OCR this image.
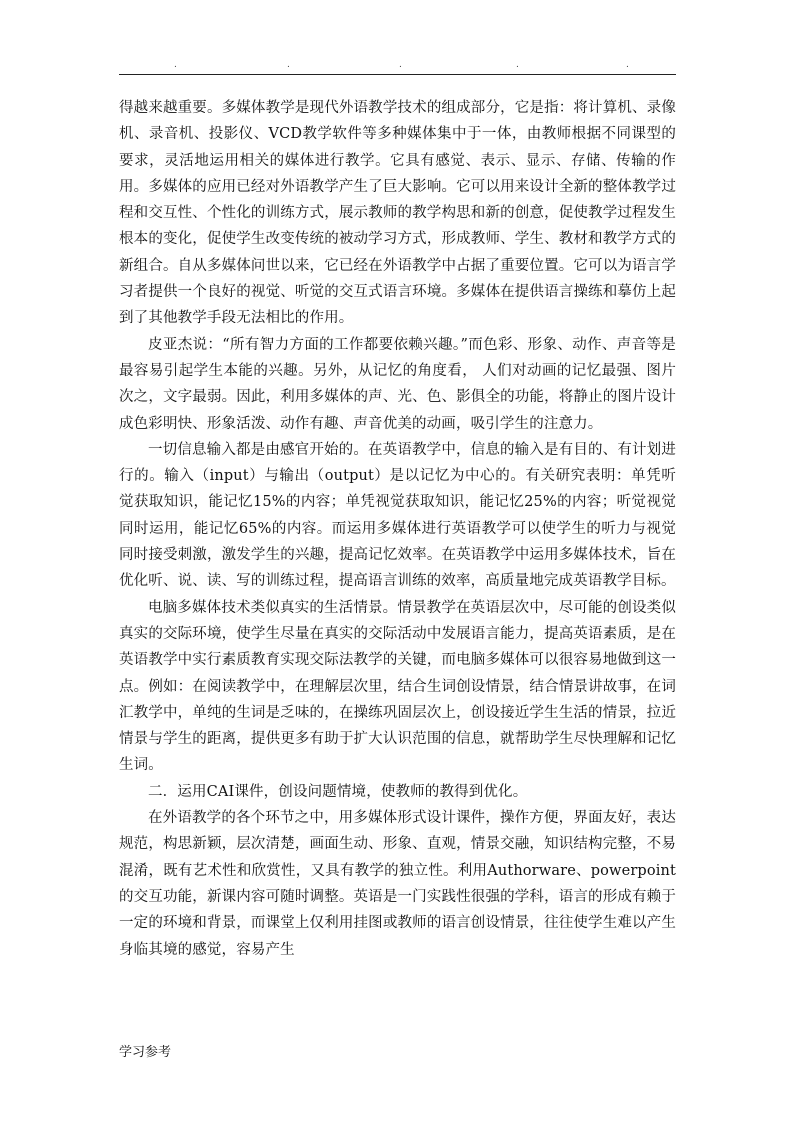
.	.	.	.	.

得越来越重要。多媒体教学是现代外语教学技术的组成部分，它是指：将计算机、录像机、录音机、投影仪、VCD教学软件等多种媒体集中于一体，由教师根据不同课型的要求，灵活地运用相关的媒体进行教学。它具有感觉、表示、显示、存储、传输的作用。多媒体的应用已经对外语教学产生了巨大影响。它可以用来设计全新的整体教学过程和交互性、个性化的训练方式，展示教师的教学构思和新的创意，促使教学过程发生根本的变化，促使学生改变传统的被动学习方式，形成教师、学生、教材和教学方式的新组合。自从多媒体问世以来，它已经在外语教学中占据了重要位置。它可以为语言学习者提供一个良好的视觉、听觉的交互式语言环境。多媒体在提供语言操练和摹仿上起到了其他教学手段无法相比的作用。

皮亚杰说：“所有智力方面的工作都要依赖兴趣。”而色彩、形象、动作、声音等是最容易引起学生本能的兴趣。另外，从记忆的角度看， 人们对动画的记忆最强、图片次之，文字最弱。因此，利用多媒体的声、光、色、影俱全的功能，将静止的图片设计成色彩明快、形象活泼、动作有趣、声音优美的动画，吸引学生的注意力。

一切信息输入都是由感官开始的。在英语教学中，信息的输入是有目的、有计划进行的。输入（input）与输出（output）是以记忆为中心的。有关研究表明：单凭听觉获取知识，能记忆15%的内容；单凭视觉获取知识，能记忆25%的内容；听觉视觉同时运用，能记忆65%的内容。而运用多媒体进行英语教学可以使学生的听力与视觉同时接受刺激，激发学生的兴趣，提高记忆效率。在英语教学中运用多媒体技术，旨在优化听、说、读、写的训练过程，提高语言训练的效率，高质量地完成英语教学目标。

电脑多媒体技术类似真实的生活情景。情景教学在英语层次中，尽可能的创设类似真实的交际环境，使学生尽量在真实的交际活动中发展语言能力，提高英语素质，是在英语教学中实行素质教育实现交际法教学的关键，而电脑多媒体可以很容易地做到这一点。例如：在阅读教学中，在理解层次里，结合生词创设情景，结合情景讲故事，在词汇教学中，单纯的生词是乏味的，在操练巩固层次上，创设接近学生生活的情景，拉近情景与学生的距离，提供更多有助于扩大认识范围的信息，就帮助学生尽快理解和记忆生词。

二．运用CAI课件，创设问题情境，使教师的教得到优化。

在外语教学的各个环节之中，用多媒体形式设计课件，操作方便，界面友好，表达规范，构思新颖，层次清楚，画面生动、形象、直观，情景交融，知识结构完整，不易混淆，既有艺术性和欣赏性，又具有教学的独立性。利用Authorware、powerpoint的交互功能，新课内容可随时调整。英语是一门实践性很强的学科，语言的形成有赖于一定的环境和背景，而课堂上仅利用挂图或教师的语言创设情景，往往使学生难以产生身临其境的感觉，容易产生

学习参考
